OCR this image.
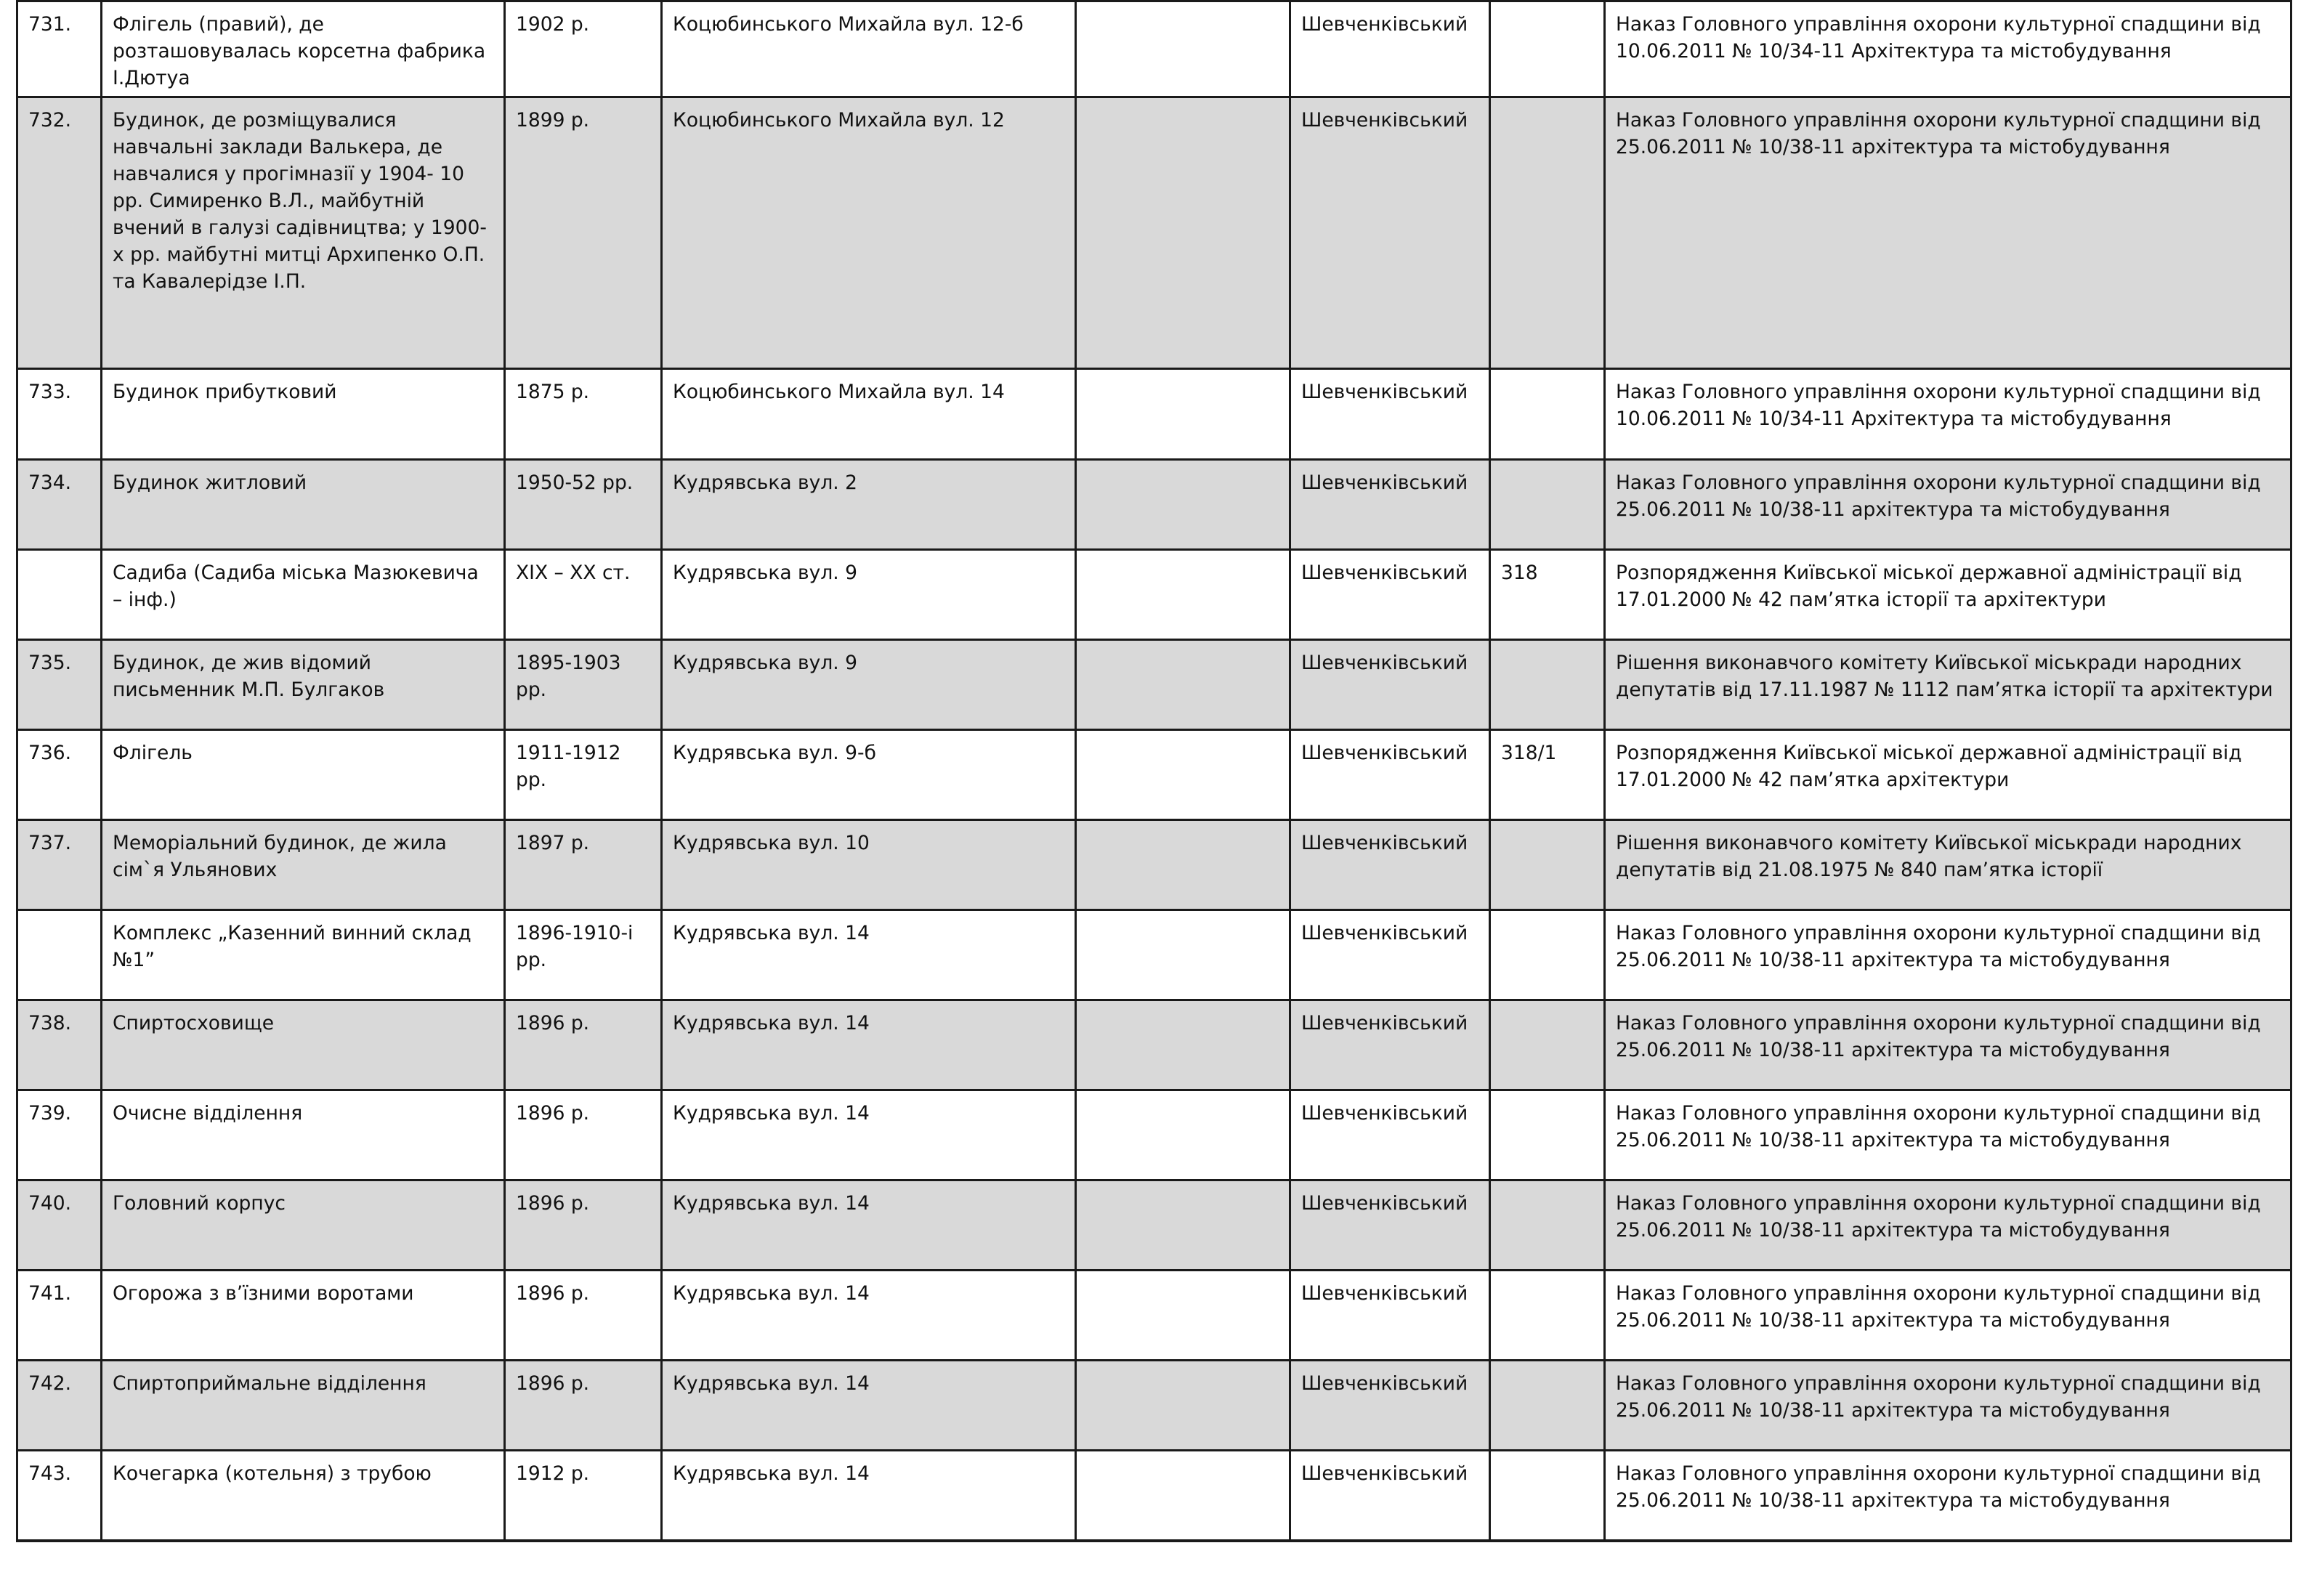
731.	Флігель (правий), де розташовувалась корсетна фабрика І.Дютуа	1902 р.	Коцюбинського Михайла вул. 12-б		Шевченківський		Наказ Головного управління охорони культурної спадщини від 10.06.2011 № 10/34-11 Архітектура та містобудування
732.	Будинок, де розміщувалися навчальні заклади Валькера, де навчалися у прогімназії у 1904- 10 рр. Симиренко В.Л., майбутній вчений в галузі садівництва; у 1900-х рр. майбутні митці Архипенко О.П. та Кавалерідзе І.П.	1899 р.	Коцюбинського Михайла вул. 12		Шевченківський		Наказ Головного управління охорони культурної спадщини від 25.06.2011 № 10/38-11 архітектура та містобудування
733.	Будинок прибутковий	1875 р.	Коцюбинського Михайла вул. 14		Шевченківський		Наказ Головного управління охорони культурної спадщини від 10.06.2011 № 10/34-11 Архітектура та містобудування
734.	Будинок житловий	1950-52 рр.	Кудрявська вул. 2		Шевченківський		Наказ Головного управління охорони культурної спадщини від 25.06.2011 № 10/38-11 архітектура та містобудування
	Садиба (Садиба міська Мазюкевича – інф.)	ХІХ – ХХ ст.	Кудрявська вул. 9		Шевченківський	318	Розпорядження Київської міської державної адміністрації від 17.01.2000 № 42 пам’ятка історії та архітектури
735.	Будинок, де жив відомий письменник М.П. Булгаков	1895-1903 рр.	Кудрявська вул. 9		Шевченківський		Рішення виконавчого комітету Київської міськради народних депутатів від 17.11.1987 № 1112 пам’ятка історії та архітектури
736.	Флігель	1911-1912 рр.	Кудрявська вул. 9-б		Шевченківський	318/1	Розпорядження Київської міської державної адміністрації від 17.01.2000 № 42 пам’ятка архітектури
737.	Меморіальний будинок, де жила сім`я Ульянових	1897 р.	Кудрявська вул. 10		Шевченківський		Рішення виконавчого комітету Київської міськради народних депутатів від 21.08.1975 № 840 пам’ятка історії
	Комплекс „Казенний винний склад №1”	1896-1910-і рр.	Кудрявська вул. 14		Шевченківський		Наказ Головного управління охорони культурної спадщини від 25.06.2011 № 10/38-11 архітектура та містобудування
738.	Спиртосховище	1896 р.	Кудрявська вул. 14		Шевченківський		Наказ Головного управління охорони культурної спадщини від 25.06.2011 № 10/38-11 архітектура та містобудування
739.	Очисне відділення	1896 р.	Кудрявська вул. 14		Шевченківський		Наказ Головного управління охорони культурної спадщини від 25.06.2011 № 10/38-11 архітектура та містобудування
740.	Головний корпус	1896 р.	Кудрявська вул. 14		Шевченківський		Наказ Головного управління охорони культурної спадщини від 25.06.2011 № 10/38-11 архітектура та містобудування
741.	Огорожа з в’їзними воротами	1896 р.	Кудрявська вул. 14		Шевченківський		Наказ Головного управління охорони культурної спадщини від 25.06.2011 № 10/38-11 архітектура та містобудування
742.	Спиртоприймальне відділення	1896 р.	Кудрявська вул. 14		Шевченківський		Наказ Головного управління охорони культурної спадщини від 25.06.2011 № 10/38-11 архітектура та містобудування
743.	Кочегарка (котельня) з трубою	1912 р.	Кудрявська вул. 14		Шевченківський		Наказ Головного управління охорони культурної спадщини від 25.06.2011 № 10/38-11 архітектура та містобудування
